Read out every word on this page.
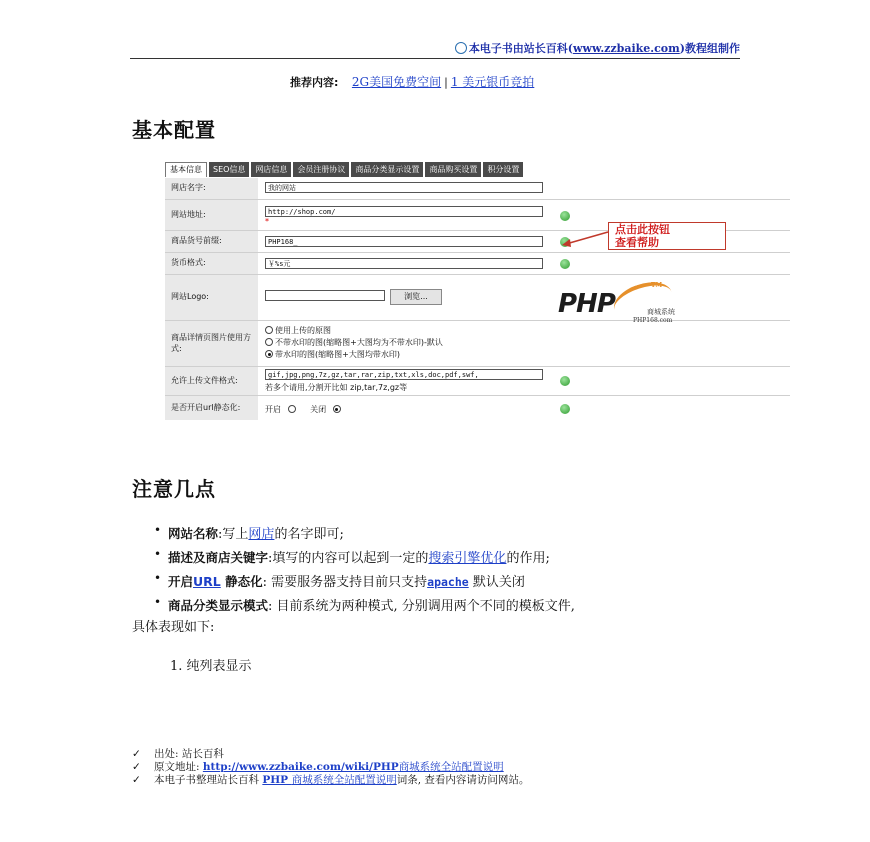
本电子书由站长百科(www.zzbaike.com)教程组制作
推荐内容: 2G美国免费空间 | 1 美元银币竞拍
基本配置
基本信息	SEO信息	网店信息	会员注册协议	商品分类显示设置	商品购买设置	积分设置
网店名字:	我的网站
网站地址:	http://shop.com/
*
商品货号前缀:	PHP168_
货币格式:	￥%s元
网站Logo:	浏览...
商品详情页图片使用方式:
使用上传的原图
不带水印的图(缩略图+大图均为不带水印)-默认
带水印的图(缩略图+大图均带水印)
允许上传文件格式:
gif,jpg,png,7z,gz,tar,rar,zip,txt,xls,doc,pdf,swf,
若多个请用,分割开比如 zip,tar,7z,gz等
是否开启url静态化:	开启	关闭
PHP
TM
商城系统
PHP168.com
点击此按钮
查看帮助
注意几点
• 网站名称:写上网店的名字即可;
• 描述及商店关键字:填写的内容可以起到一定的搜索引擎优化的作用;
• 开启URL 静态化: 需要服务器支持目前只支持apache 默认关闭
• 商品分类显示模式: 目前系统为两种模式, 分别调用两个不同的模板文件,
具体表现如下:
1. 纯列表显示
✓ 出处: 站长百科
✓ 原文地址: http://www.zzbaike.com/wiki/PHP商城系统全站配置说明
✓ 本电子书整理站长百科 PHP 商城系统全站配置说明词条, 查看内容请访问网站。
